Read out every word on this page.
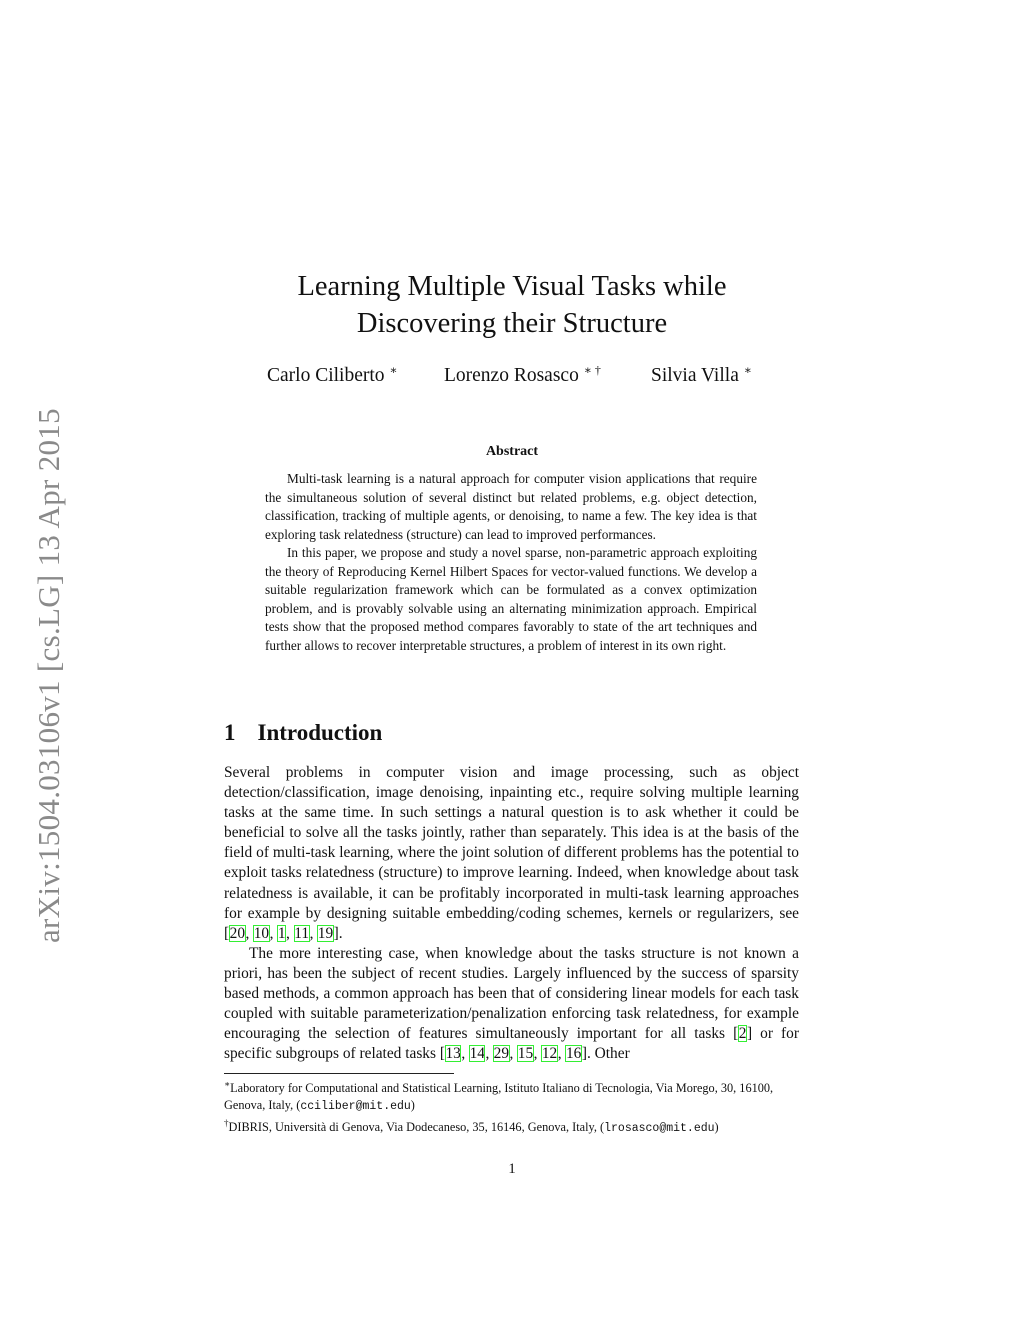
arXiv:1504.03106v1 [cs.LG] 13 Apr 2015
Learning Multiple Visual Tasks while
Discovering their Structure
Carlo Ciliberto ∗ Lorenzo Rosasco ∗ †	Silvia Villa ∗
Abstract

Multi-task learning is a natural approach for computer vision applications that require the simultaneous solution of several distinct but related problems, e.g. object detection, classification, tracking of multiple agents, or denoising, to name a few. The key idea is that exploring task relatedness (structure) can lead to improved performances.

In this paper, we propose and study a novel sparse, non-parametric approach exploiting the theory of Reproducing Kernel Hilbert Spaces for vector-valued functions. We develop a suitable regularization framework which can be formulated as a convex optimization problem, and is provably solvable using an alternating minimization approach. Empirical tests show that the proposed method compares favorably to state of the art techniques and further allows to recover interpretable structures, a problem of interest in its own right.

1 Introduction

Several problems in computer vision and image processing, such as object detection/classification, image denoising, inpainting etc., require solving multiple learning tasks at the same time. In such settings a natural question is to ask whether it could be beneficial to solve all the tasks jointly, rather than separately. This idea is at the basis of the field of multi-task learning, where the joint solution of different problems has the potential to exploit tasks relatedness (structure) to improve learning. Indeed, when knowledge about task relatedness is available, it can be profitably incorporated in multi-task learning approaches for example by designing suitable embedding/coding schemes, kernels or regularizers, see [20, 10, 1, 11, 19].

The more interesting case, when knowledge about the tasks structure is not known a priori, has been the subject of recent studies. Largely influenced by the success of sparsity based methods, a common approach has been that of considering linear models for each task coupled with suitable parameterization/penalization enforcing task relatedness, for example encouraging the selection of features simultaneously important for all tasks [2] or for specific subgroups of related tasks [13, 14, 29, 15, 12, 16]. Other

∗Laboratory for Computational and Statistical Learning, Istituto Italiano di Tecnologia, Via Morego, 30, 16100, Genova, Italy, (cciliber@mit.edu)

†DIBRIS, Università di Genova, Via Dodecaneso, 35, 16146, Genova, Italy, (lrosasco@mit.edu)

1
